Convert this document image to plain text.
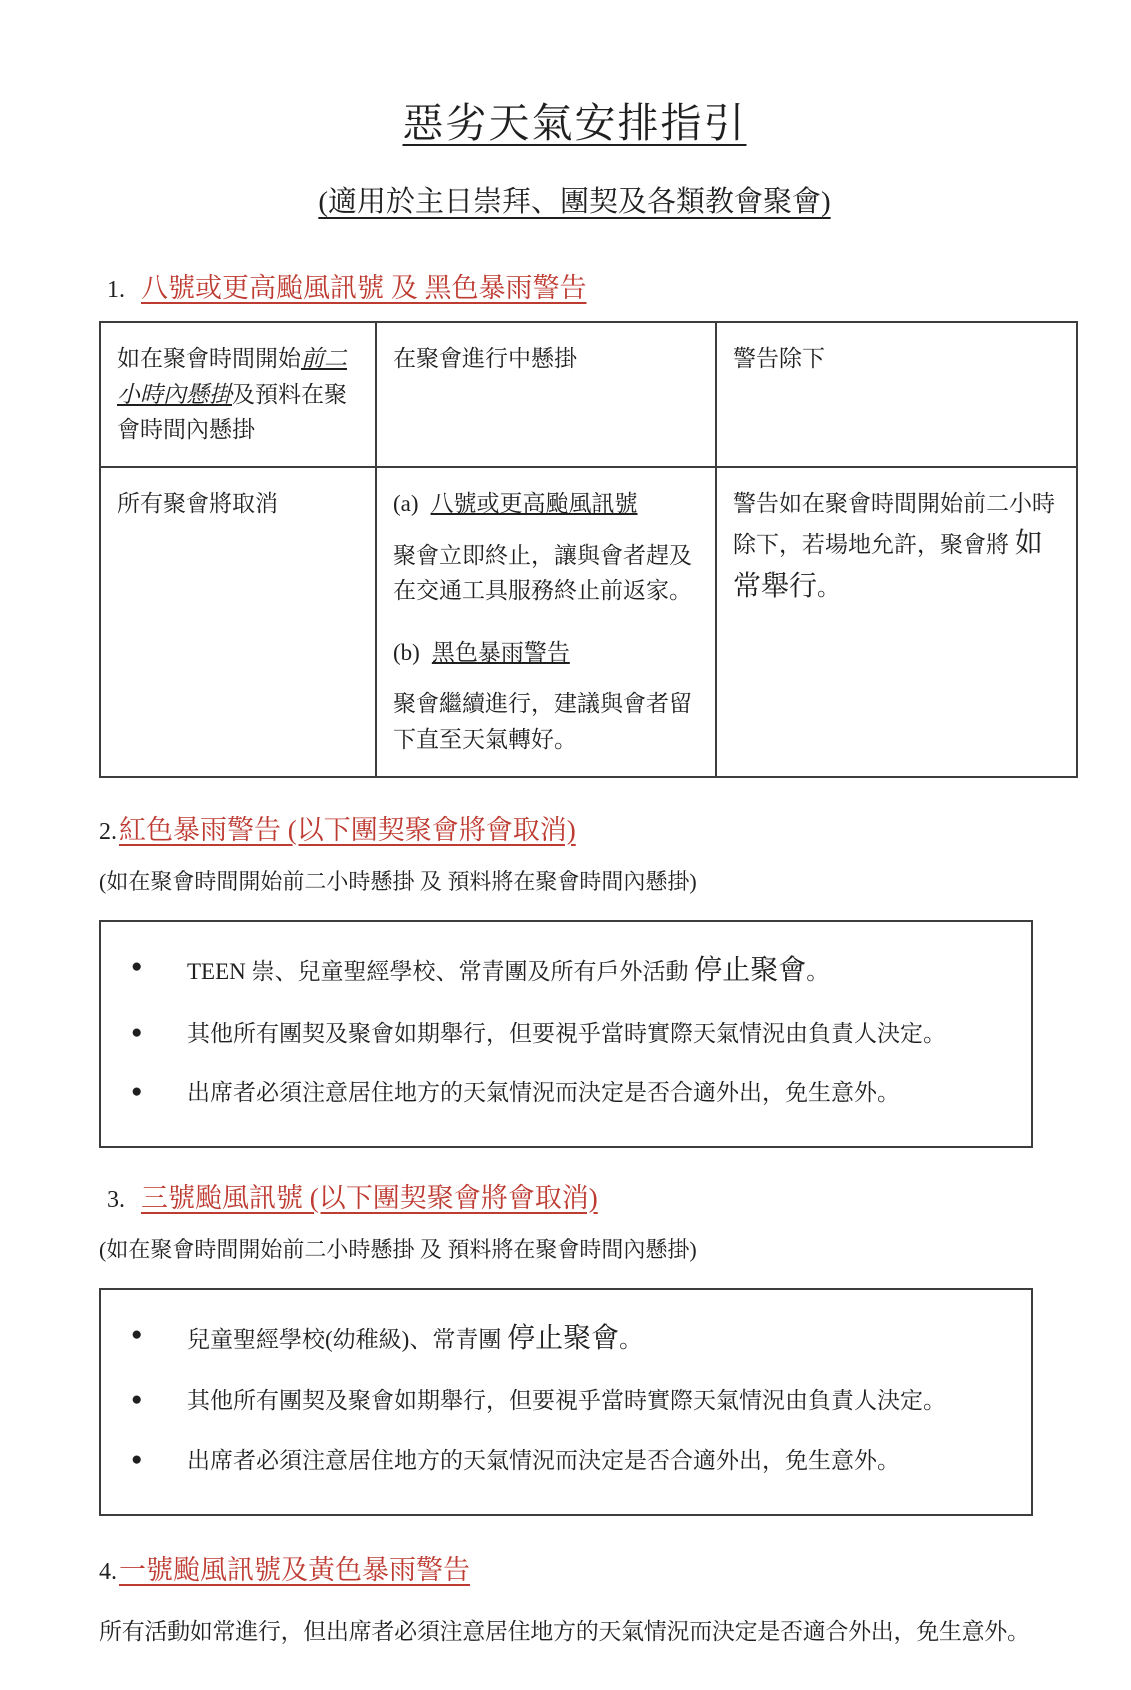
惡劣天氣安排指引
(適用於主日崇拜、團契及各類教會聚會)
1. 八號或更高颱風訊號 及 黑色暴雨警告
如在聚會時間開始前二小時內懸掛及預料在聚會時間內懸掛	在聚會進行中懸掛	警告除下
所有聚會將取消	(a) 八號或更高颱風訊號

聚會立即終止，讓與會者趕及在交通工具服務終止前返家。

(b) 黑色暴雨警告

聚會繼續進行，建議與會者留下直至天氣轉好。	警告如在聚會時間開始前二小時除下，若場地允許，聚會將 如常舉行。
2. 紅色暴雨警告 (以下團契聚會將會取消)
(如在聚會時間開始前二小時懸掛 及 預料將在聚會時間內懸掛)
● TEEN 崇、兒童聖經學校、常青團及所有戶外活動 停止聚會。
● 其他所有團契及聚會如期舉行，但要視乎當時實際天氣情況由負責人決定。
● 出席者必須注意居住地方的天氣情況而決定是否合適外出，免生意外。
3. 三號颱風訊號 (以下團契聚會將會取消)
(如在聚會時間開始前二小時懸掛 及 預料將在聚會時間內懸掛)
● 兒童聖經學校(幼稚級)、常青團 停止聚會。
● 其他所有團契及聚會如期舉行，但要視乎當時實際天氣情況由負責人決定。
● 出席者必須注意居住地方的天氣情況而決定是否合適外出，免生意外。
4. 一號颱風訊號及黃色暴雨警告
所有活動如常進行，但出席者必須注意居住地方的天氣情況而決定是否適合外出，免生意外。
